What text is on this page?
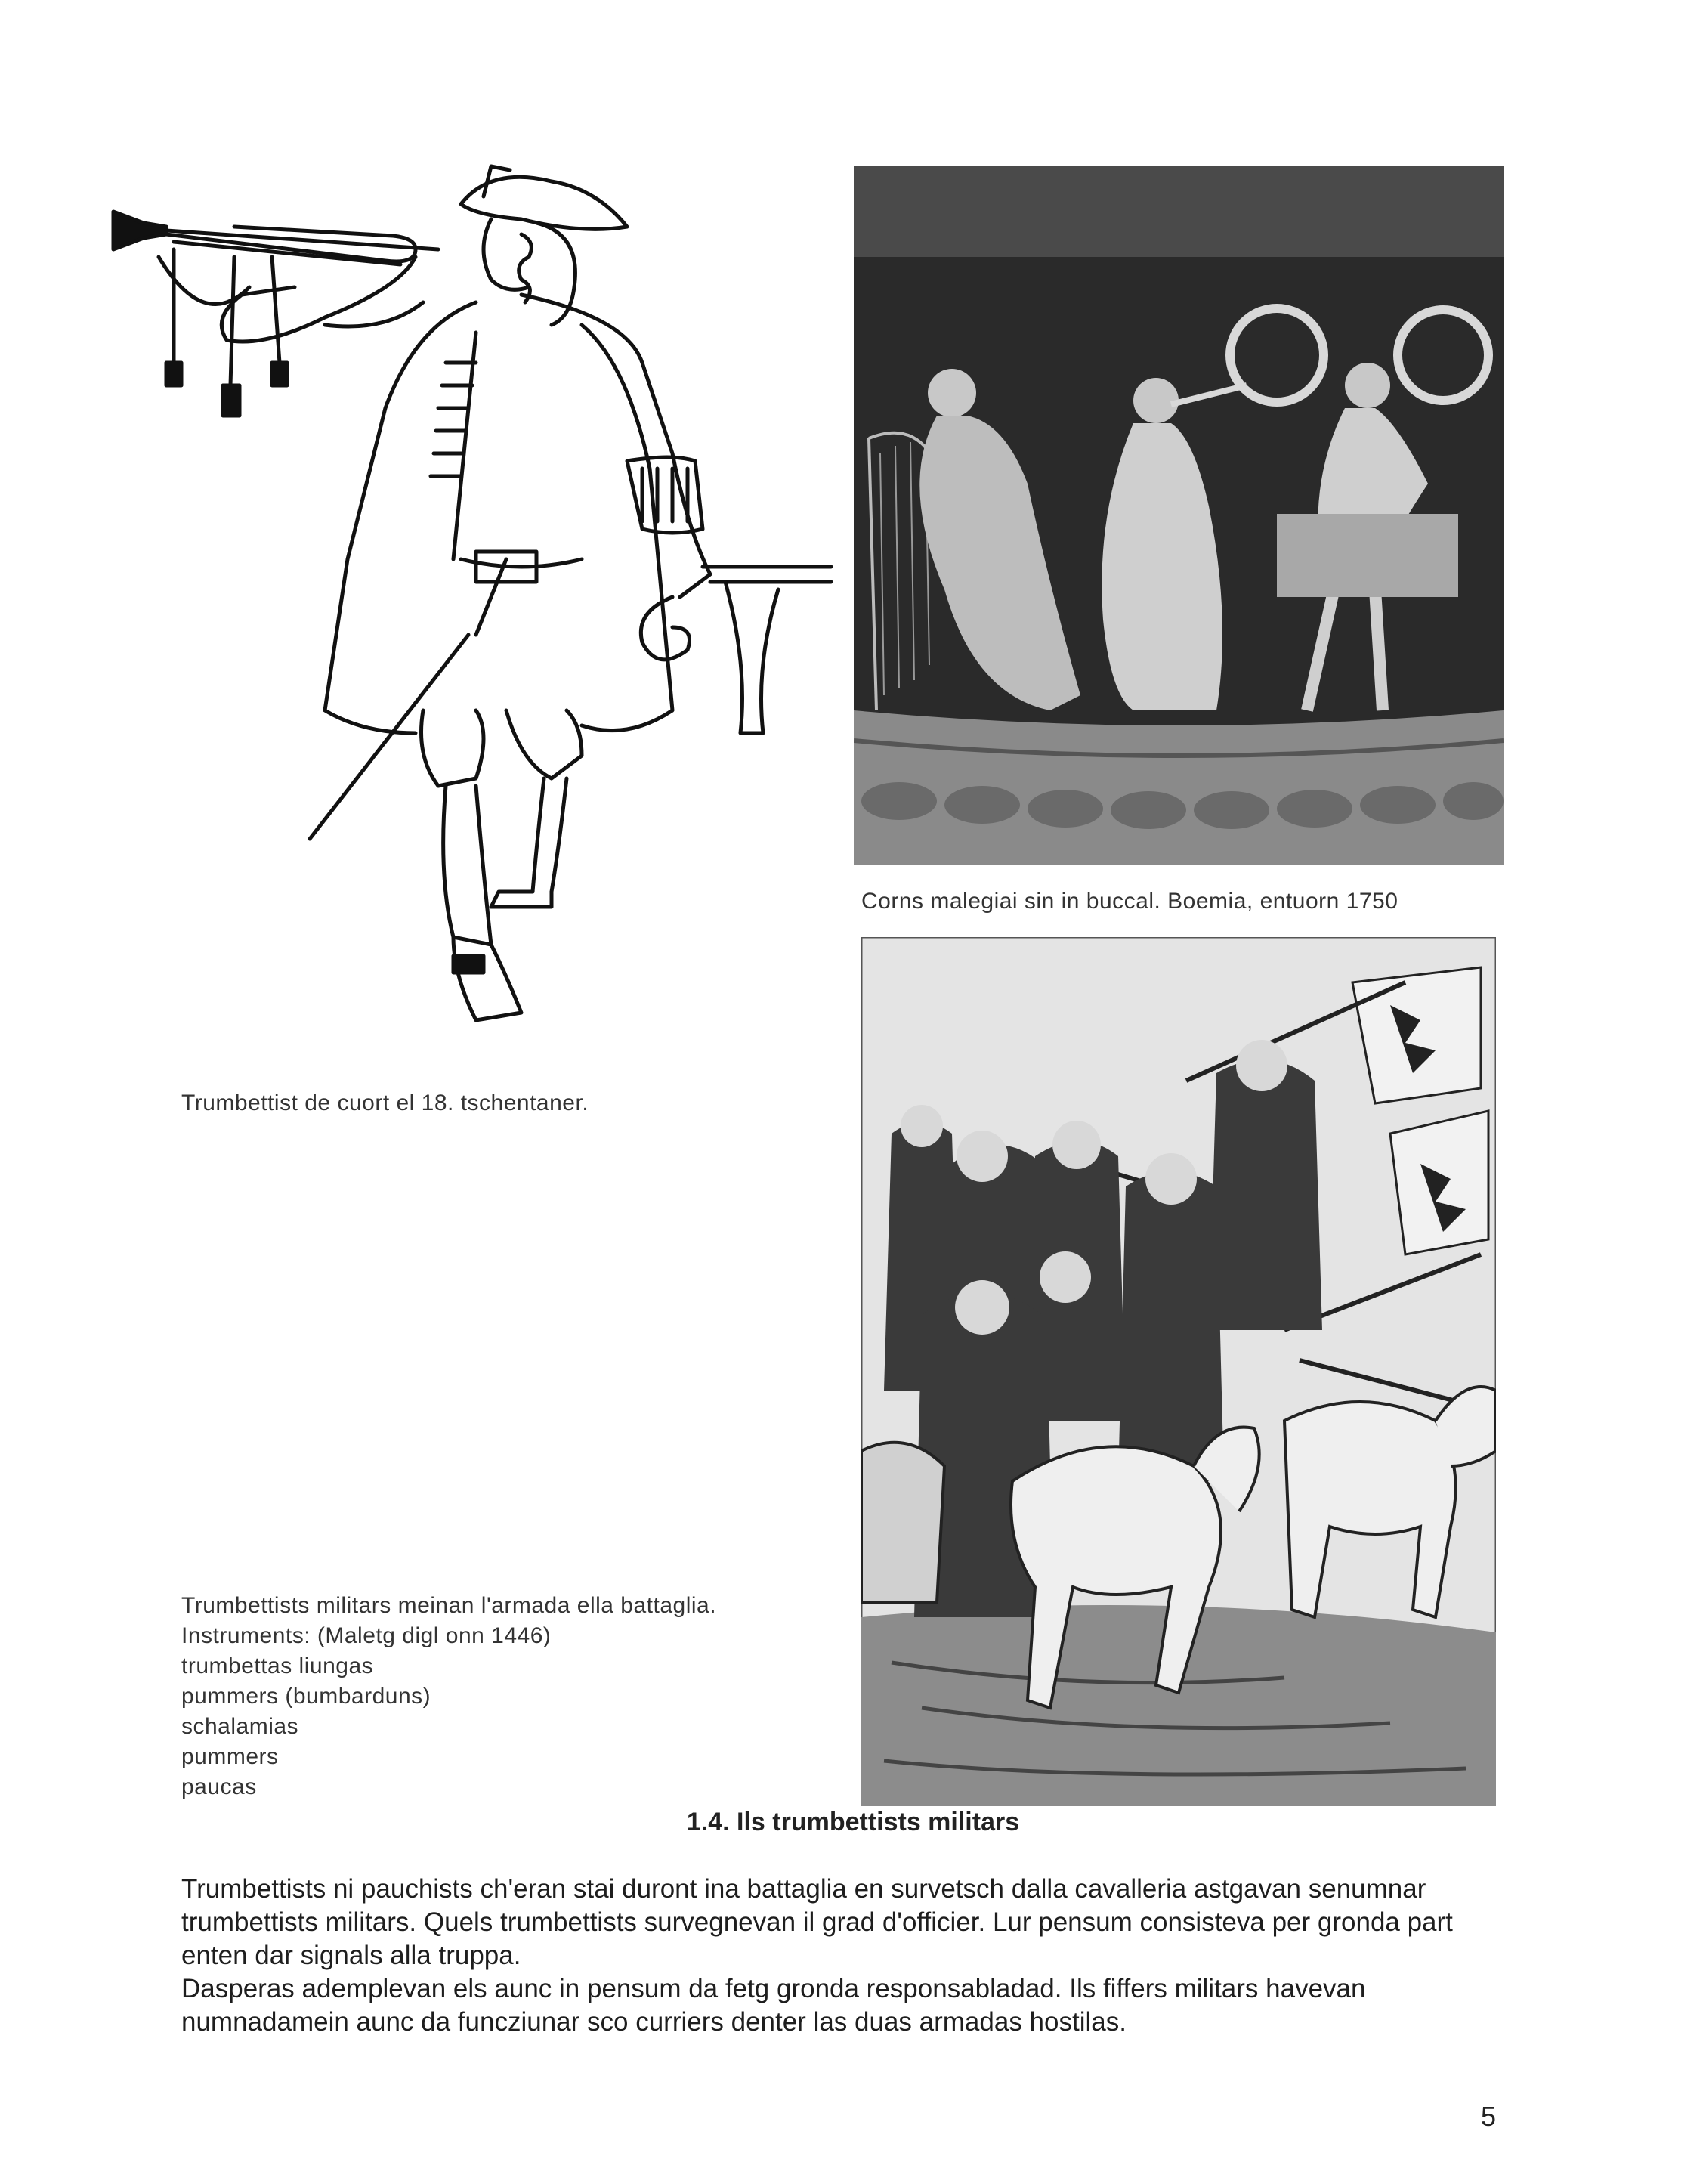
Trumbettist de cuort el 18. tschentaner.
Corns malegiai sin in buccal. Boemia, entuorn 1750
Trumbettists militars meinan l'armada ella battaglia.
Instruments: (Maletg digl onn 1446)
trumbettas liungas
pummers (bumbarduns)
schalamias
pummers
paucas
1.4. Ils trumbettists militars

Trumbettists ni pauchists ch'eran stai duront ina battaglia en survetsch dalla cavalleria astgavan senumnar trumbettists militars. Quels trumbettists survegnevan il grad d'officier. Lur pensum consisteva per gronda part enten dar signals alla truppa.

Dasperas ademplevan els aunc in pensum da fetg gronda responsabladad. Ils fiffers militars havevan numnadamein aunc da funcziunar sco curriers denter las duas armadas hostilas.

5
